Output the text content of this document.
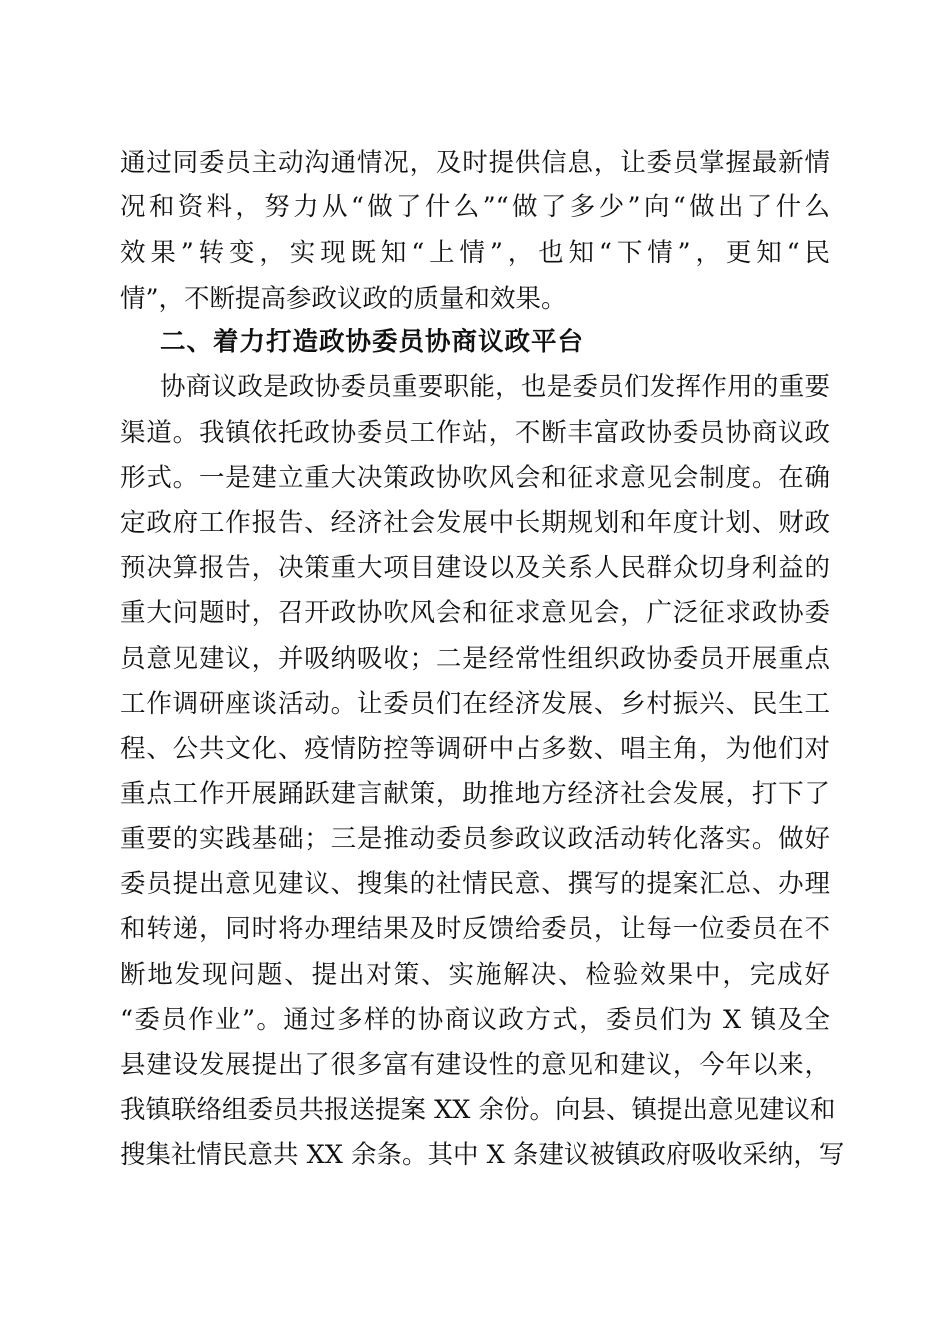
通过同委员主动沟通情况，及时提供信息，让委员掌握最新情
况和资料，努力从“做了什么”“做了多少”向“做出了什么
效果”转变，实现既知“上情”，也知“下情”，更知“民
情”，不断提高参政议政的质量和效果。
二、着力打造政协委员协商议政平台
协商议政是政协委员重要职能，也是委员们发挥作用的重要
渠道。我镇依托政协委员工作站，不断丰富政协委员协商议政
形式。一是建立重大决策政协吹风会和征求意见会制度。在确
定政府工作报告、经济社会发展中长期规划和年度计划、财政
预决算报告，决策重大项目建设以及关系人民群众切身利益的
重大问题时，召开政协吹风会和征求意见会，广泛征求政协委
员意见建议，并吸纳吸收；二是经常性组织政协委员开展重点
工作调研座谈活动。让委员们在经济发展、乡村振兴、民生工
程、公共文化、疫情防控等调研中占多数、唱主角，为他们对
重点工作开展踊跃建言献策，助推地方经济社会发展，打下了
重要的实践基础；三是推动委员参政议政活动转化落实。做好
委员提出意见建议、搜集的社情民意、撰写的提案汇总、办理
和转递，同时将办理结果及时反馈给委员，让每一位委员在不
断地发现问题、提出对策、实施解决、检验效果中，完成好
“委员作业”。通过多样的协商议政方式，委员们为 X 镇及全
县建设发展提出了很多富有建设性的意见和建议，今年以来，
我镇联络组委员共报送提案 XX 余份。向县、镇提出意见建议和
搜集社情民意共 XX 余条。其中 X 条建议被镇政府吸收采纳，写
